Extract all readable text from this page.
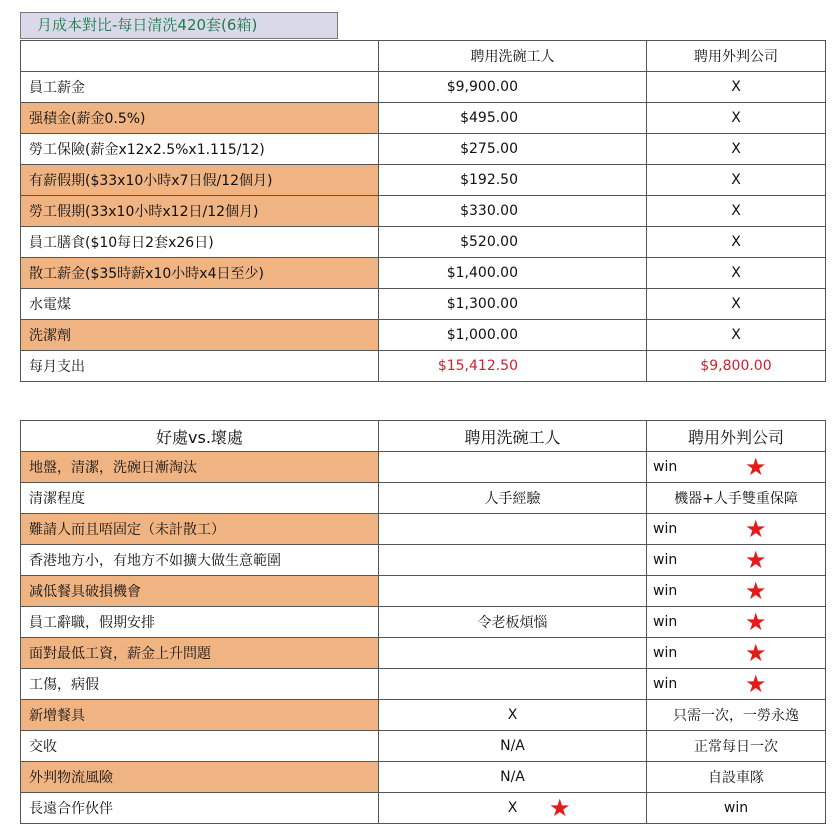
月成本對比-每日清洗420套(6箱)
	聘用洗碗工人	聘用外判公司
員工薪金	$9,900.00	X
强積金(薪金0.5%)	$495.00	X
勞工保險(薪金x12x2.5%x1.115/12)	$275.00	X
有薪假期($33x10小時x7日假/12個月)	$192.50	X
勞工假期(33x10小時x12日/12個月)	$330.00	X
員工膳食($10每日2套x26日)	$520.00	X
散工薪金($35時薪x10小時x4日至少)	$1,400.00	X
水電煤	$1,300.00	X
洗潔劑	$1,000.00	X
每月支出	$15,412.50	$9,800.00
好處vs.壞處	聘用洗碗工人	聘用外判公司
地盤，清潔，洗碗日漸淘汰		win ★

清潔程度	人手經驗	機器+人手雙重保障
難請人而且唔固定（未計散工）		win ★

香港地方小，有地方不如擴大做生意範圍		win ★

减低餐具破損機會		win ★

員工辭職，假期安排	令老板煩惱	win ★

面對最低工資，薪金上升問題		win ★

工傷，病假		win ★

新增餐具	X	只需一次，一勞永逸
交收	N/A	正常每日一次
外判物流風險	N/A	自設車隊
長遠合作伙伴	X ★	win
